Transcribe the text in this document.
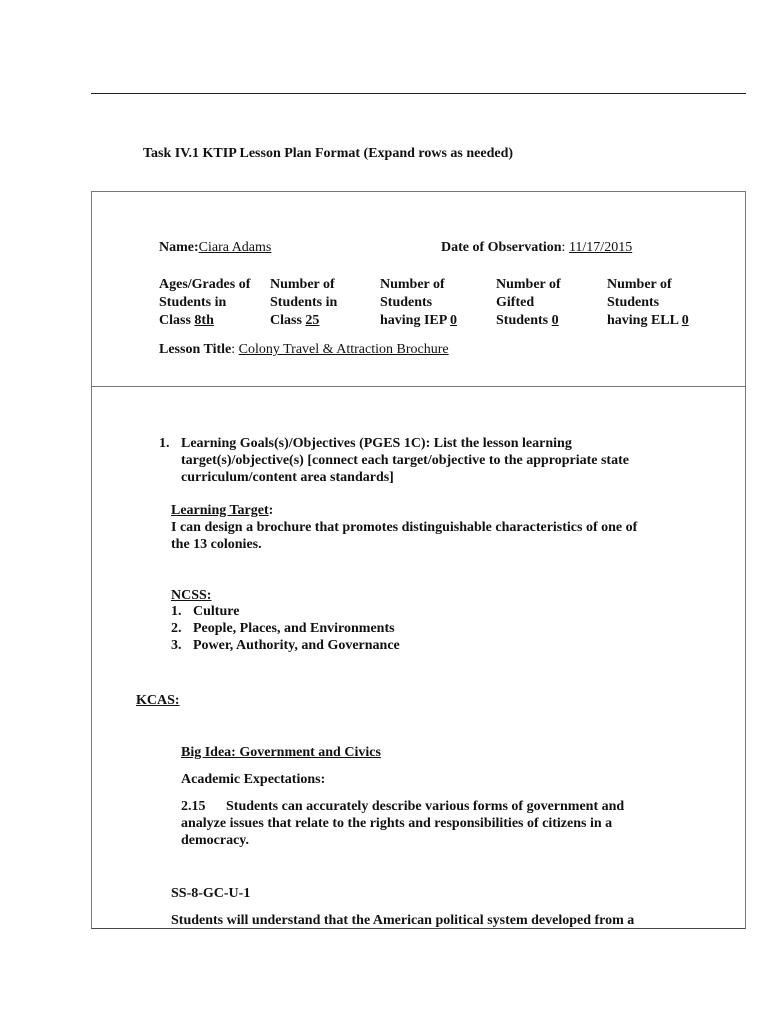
Task IV.1 KTIP Lesson Plan Format (Expand rows as needed)
Name:Ciara Adams	Date of Observation: 11/17/2015
Ages/Grades of
Students in
Class 8th
Number of
Students in
Class 25
Number of
Students
having IEP 0
Number of
Gifted
Students 0
Number of
Students
having ELL 0
Lesson Title: Colony Travel & Attraction Brochure
1. Learning Goals(s)/Objectives (PGES 1C): List the lesson learning
target(s)/objective(s) [connect each target/objective to the appropriate state
curriculum/content area standards]
Learning Target:
I can design a brochure that promotes distinguishable characteristics of one of
the 13 colonies.
NCSS:
1. Culture
2. People, Places, and Environments
3. Power, Authority, and Governance
KCAS:
Big Idea: Government and Civics
Academic Expectations:
2.15 Students can accurately describe various forms of government and
analyze issues that relate to the rights and responsibilities of citizens in a
democracy.
SS-8-GC-U-1
Students will understand that the American political system developed from a
